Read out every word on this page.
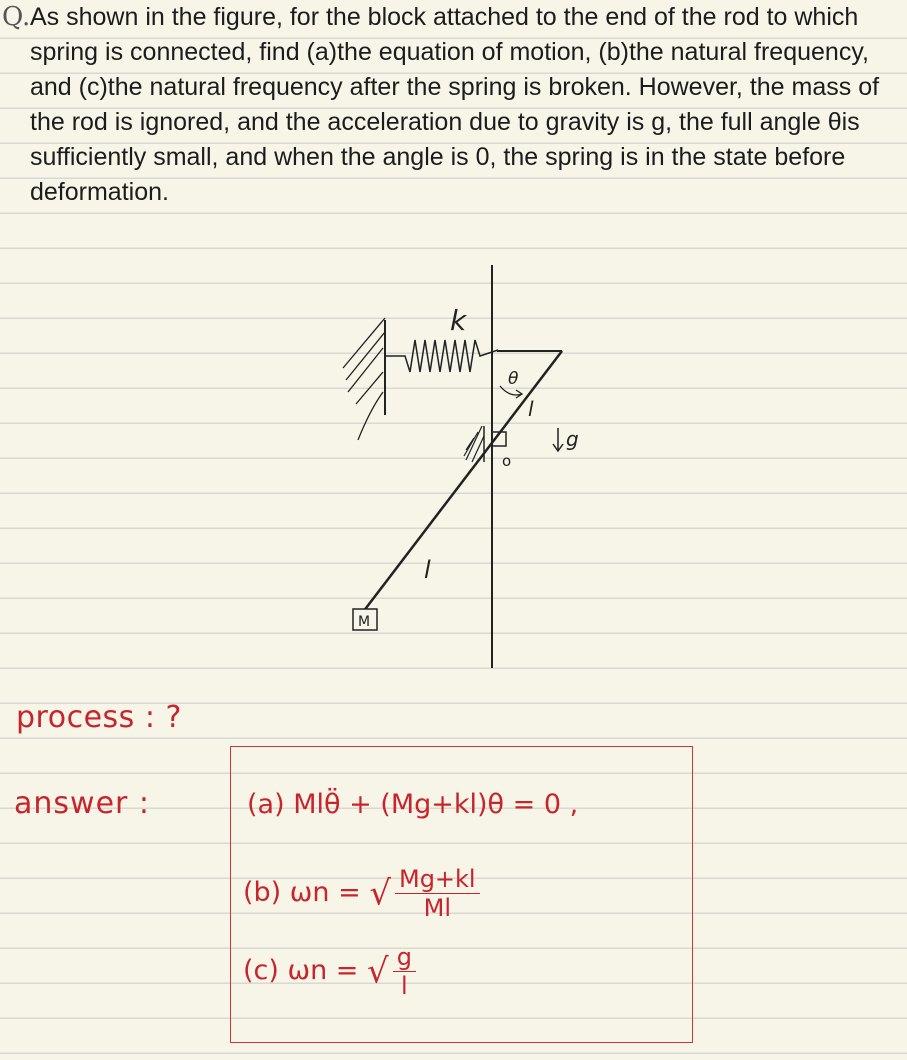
Q. As shown in the figure, for the block attached to the end of the rod to which spring is connected, find (a)the equation of motion, (b)the natural frequency, and (c)the natural frequency after the spring is broken. However, the mass of the rod is ignored, and the acceleration due to gravity is g, the full angle θis sufficiently small, and when the angle is 0, the spring is in the state before deformation.
k
o
θ
l
g
l
M
process : ?
answer :	(a) Mlθ̈ + (Mg+kl)θ = 0 ,
(b) ωn = √ $\frac{Mg+kl}{Ml}$
(c) ωn = √ $\frac{g}{l}$
